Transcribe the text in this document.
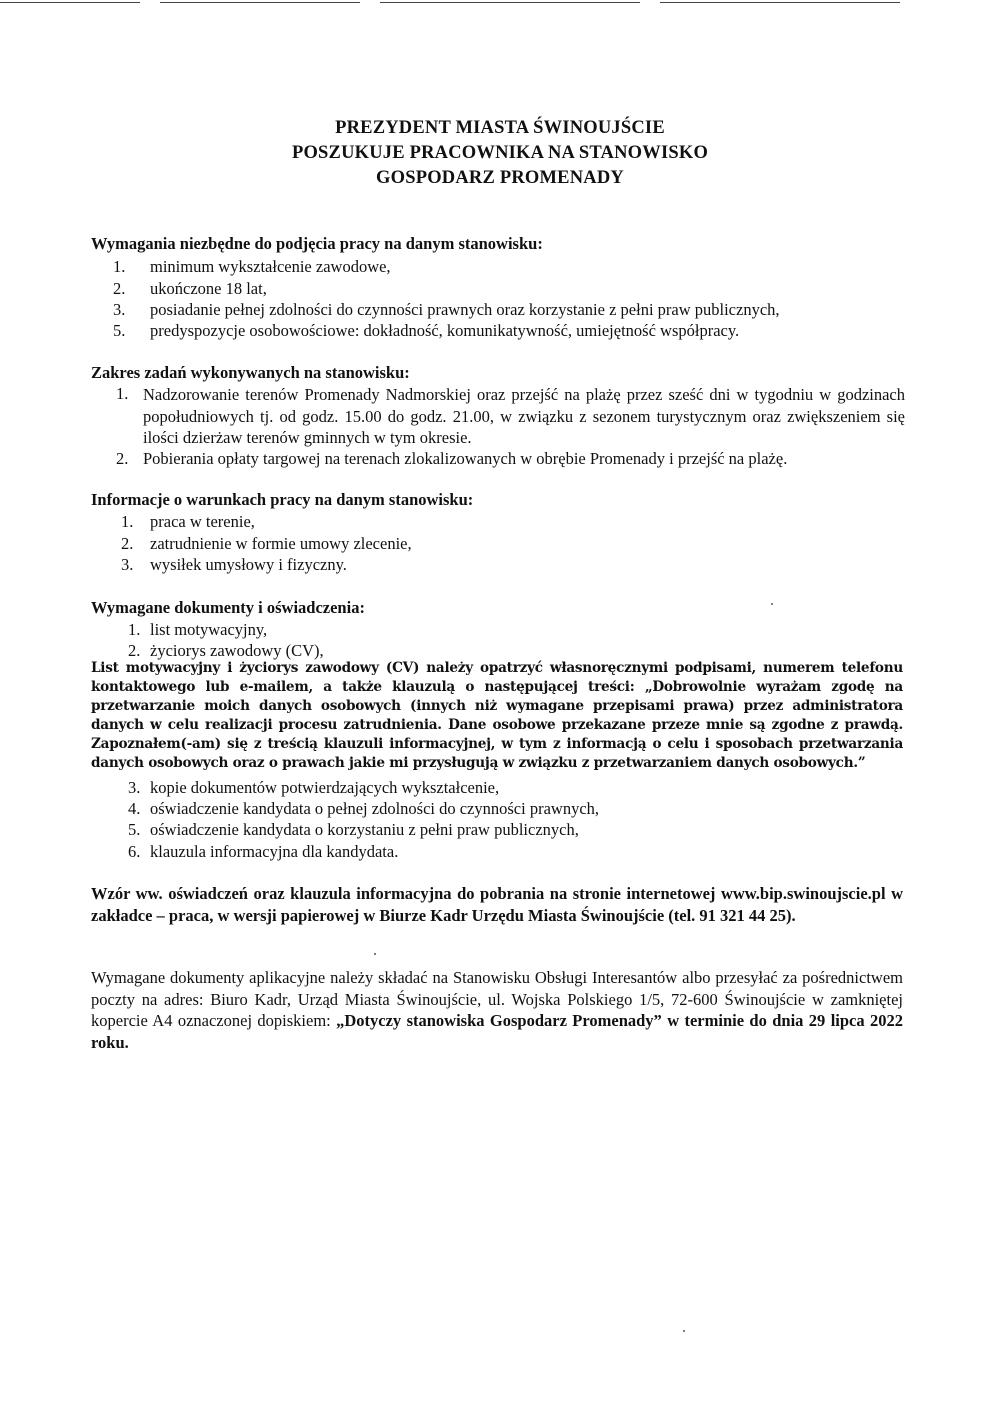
PREZYDENT MIASTA ŚWINOUJŚCIE
POSZUKUJE PRACOWNIKA NA STANOWISKO
GOSPODARZ PROMENADY
Wymagania niezbędne do podjęcia pracy na danym stanowisku:
1. minimum wykształcenie zawodowe,
2. ukończone 18 lat,
3. posiadanie pełnej zdolności do czynności prawnych oraz korzystanie z pełni praw publicznych,
5. predyspozycje osobowościowe: dokładność, komunikatywność, umiejętność współpracy.
Zakres zadań wykonywanych na stanowisku:
1. Nadzorowanie terenów Promenady Nadmorskiej oraz przejść na plażę przez sześć dni w tygodniu w godzinach popołudniowych tj. od godz. 15.00 do godz. 21.00, w związku z sezonem turystycznym oraz zwiększeniem się ilości dzierżaw terenów gminnych w tym okresie.
2. Pobierania opłaty targowej na terenach zlokalizowanych w obrębie Promenady i przejść na plażę.
Informacje o warunkach pracy na danym stanowisku:
1. praca w terenie,
2. zatrudnienie w formie umowy zlecenie,
3. wysiłek umysłowy i fizyczny.
Wymagane dokumenty i oświadczenia:
1. list motywacyjny,
2. życiorys zawodowy (CV),
List motywacyjny i życiorys zawodowy (CV) należy opatrzyć własnoręcznymi podpisami, numerem telefonu kontaktowego lub e-mailem, a także klauzulą o następującej treści: „Dobrowolnie wyrażam zgodę na przetwarzanie moich danych osobowych (innych niż wymagane przepisami prawa) przez administratora danych w celu realizacji procesu zatrudnienia. Dane osobowe przekazane przeze mnie są zgodne z prawdą. Zapoznałem(-am) się z treścią klauzuli informacyjnej, w tym z informacją o celu i sposobach przetwarzania danych osobowych oraz o prawach jakie mi przysługują w związku z przetwarzaniem danych osobowych.”
3. kopie dokumentów potwierdzających wykształcenie,
4. oświadczenie kandydata o pełnej zdolności do czynności prawnych,
5. oświadczenie kandydata o korzystaniu z pełni praw publicznych,
6. klauzula informacyjna dla kandydata.
Wzór ww. oświadczeń oraz klauzula informacyjna do pobrania na stronie internetowej www.bip.swinoujscie.pl w zakładce – praca, w wersji papierowej w Biurze Kadr Urzędu Miasta Świnoujście (tel. 91 321 44 25).
Wymagane dokumenty aplikacyjne należy składać na Stanowisku Obsługi Interesantów albo przesyłać za pośrednictwem poczty na adres: Biuro Kadr, Urząd Miasta Świnoujście, ul. Wojska Polskiego 1/5, 72-600 Świnoujście w zamkniętej kopercie A4 oznaczonej dopiskiem: „Dotyczy stanowiska Gospodarz Promenady” w terminie do dnia 29 lipca 2022 roku.
